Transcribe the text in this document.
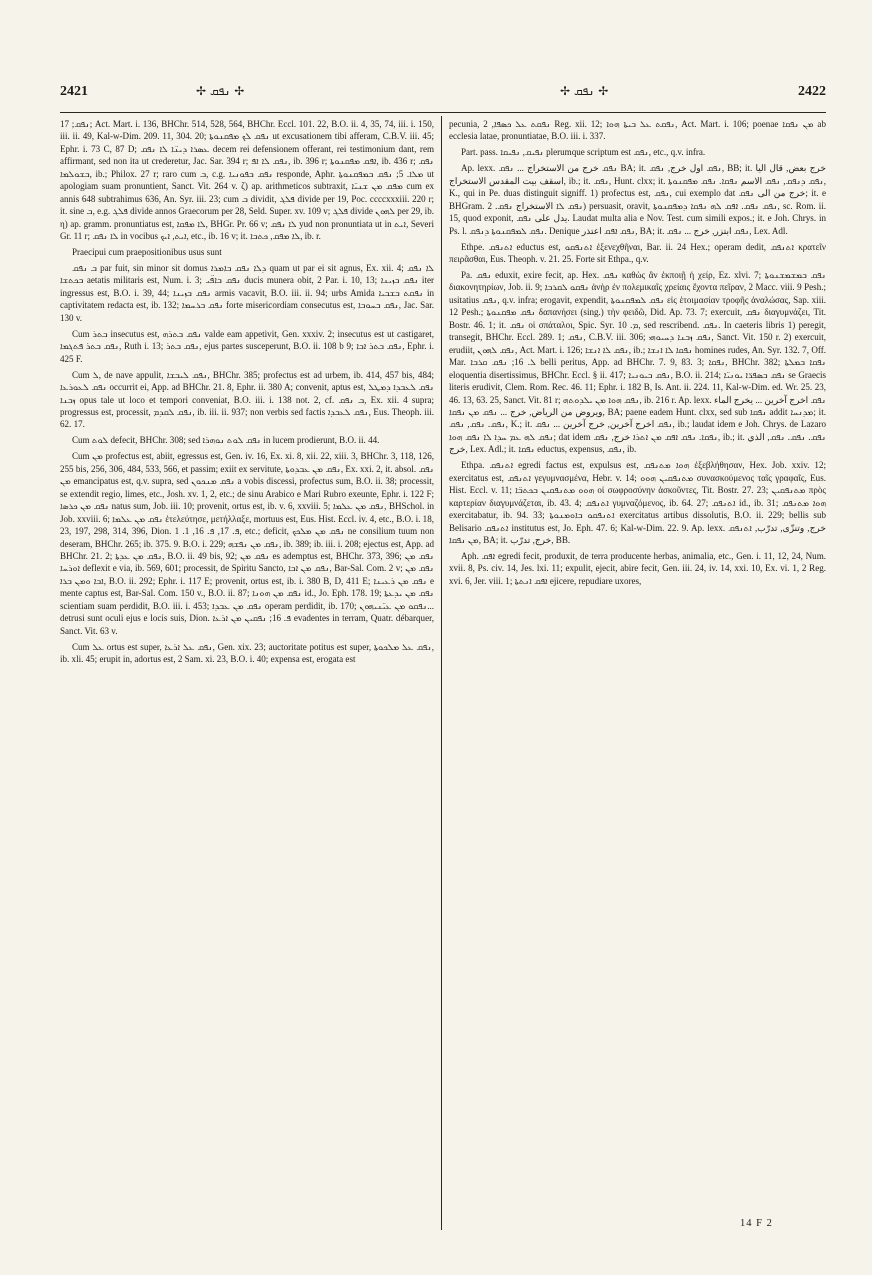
2421	✢ ܢܦܩ ✢	✢ ܢܦܩ ✢	2422

ܢܦܩ; 17; Act. Mart. i. 136, BHChr. 514, 528, 564, BHChr. Eccl. 101. 22, B.O. ii. 4, 35, 74, iii. i. 150, iii. ii. 49, Kal-w-Dim. 209. 11, 304. 20; ܢܦܩ ܠܟ ܡܦܩܢܘܬܐ ut excusationem tibi afferam, C.B.V. iii. 45; Ephr. i. 73 C, 87 D; ܥܣܪܐ ܕܝܢ̈ܐ ܠܐ ܢܦܩ decem rei defensionem offerant, rei testimonium dant, rem affirmant, sed non ita ut crederetur, Jac. Sar. 394 r; ܢܦܩ ܠܐ ܐܦ, ib. 396 r; ܐܦܩ ܡܦܩܢܘܬܐ, ib. 436 r; ܢܦܩ ܒܫܘܠܡܐ, ib.; Philox. 27 r; raro cum ܒ, c.g. ܢܦܩ ܒܦܘܢܝܐ responde, Aphr. ܡܠܐ. 5; ܢܦܩ ܒܡܦܩܢܘܬܐ ut apologiam suam pronuntient, Sanct. Vit. 264 v. ζ) ap. arithmeticos subtraxit, ܡܦܩ ܡܢ ܫܢܝ̈ܐ cum ex annis 648 subtrahimus 636, An. Syr. iii. 23; cum ܒ dividit, ܦܠܓ divide per 19, Poc. ccccxxxiii. 220 r; it. sine ܒ, e.g. ܦܠܓ divide annos Graecorum per 28, Seld. Super. xv. 109 v; ܦܠܓ divide ܠܗܘܢ per 29, ib. η) ap. gramm. pronuntiatus est, ܠܐ ܡܦܩܐ, BHGr. Pr. 66 v; ܠܐ ܢܦܩ yud non pronuntiata ut in ܐܝܬ, Severi Gr. 11 r; ܠܐ ܢܦܩ in vocibus ܐܝܬ, ܐܝܟ, etc., ib. 16 v; it. ܠܐ ܡܦܩ, ܟܬܒܐ, ib. r.

Praecipui cum praepositionibus usus sunt

ܒ ܢܦܩ par fuit, sin minor sit domus ܕܠܐ ܢܦܩ ܒܐܡܪܐ quam ut par ei sit agnus, Ex. xii. 4; ܠܐ ܢܦܩ ܒܟܬܫܐ aetatis militaris est, Num. i. 3; ܢܦܩ ܒܐܦ̈ܝ ducis munera obit, 2 Par. i. 10, 13; ܢܦܩ ܒܙܝܢܐ iter ingressus est, B.O. i. 39, 44; ܢܦܩ ܒܙܝܢܐ armis vacavit, B.O. iii. ii. 94; urbs Amida ܢܦܩܬ ܒܫܒܝܐ in captivitatem redacta est, ib. 132; ܢܦܩ ܒܪܚܡܐ forte misericordiam consecutus est, ܢܦܩ ܒܚܘܒܐ, Jac. Sar. 130 v.

Cum ܒܬܪ insecutus est, ܢܦܩ ܒܬܪܗ valde eam appetivit, Gen. xxxiv. 2; insecutus est ut castigaret, ܢܦܩ ܒܬܪ ܦܬܓܡܐ, Ruth i. 13; ܢܦܩ ܒܬܪ, ejus partes susceperunt, B.O. ii. 108 b 9; ܢܦܩ ܒܬܪ ܐܒܐ, Ephr. i. 425 F.

Cum ܠ, de nave appulit, ܢܦܩ ܠܝܒܫܐ, BHChr. 385; profectus est ad urbem, ib. 414, 457 bis, 484; ܢܦܩ ܠܥܘܪܥܐ occurrit ei, App. ad BHChr. 21. 8, Ephr. ii. 380 A; convenit, aptus est, ܢܦܩ ܠܥܒܕܐ ܕܡܛܠ ܙܒܢܐ opus tale ut loco et tempori conveniat, B.O. iii. i. 138 not. 2, cf. ܒ ܢܦܩ, Ex. xii. 4 supra; progressus est, processit, ܢܦܩ ܠܩܕܡ, ib. iii. ii. 937; non verbis sed factis ܢܦܩ ܠܥܒܕܐ, Eus. Theoph. iii. 62. 17.

Cum ܠܘܬ defecit, BHChr. 308; sed ܢܦܩ ܠܘܬ ܢܘܗܪܐ in lucem prodierunt, B.O. ii. 44.

Cum ܡܢ profectus est, abiit, egressus est, Gen. iv. 16, Ex. xi. 8, xii. 22, xiii. 3, BHChr. 3, 118, 126, 255 bis, 256, 306, 484, 533, 566, et passim; exiit ex servitute, ܢܦܩ ܡܢ ܥܒܕܘܬܐ, Ex. xxi. 2, it. absol. ܢܦܩ ܡܢ emancipatus est, q.v. supra, sed ܢܦܩ ܡܢܟܘܢ a vobis discessi, profectus sum, B.O. ii. 38; processit, se extendit regio, limes, etc., Josh. xv. 1, 2, etc.; de sinu Arabico e Mari Rubro exeunte, Ephr. i. 122 F; ܢܦܩ ܡܢ ܟܪܣܐ natus sum, Job. iii. 10; provenit, ortus est, ib. v. 6, xxviii. 5; ܢܦܩ ܡܢ ܥܠܡܐ, BHSchol. in Job. xxviii. 6; ܢܦܩ ܡܢ ܥܠܡܐ ἐτελεύτησε, μετήλλαξε, mortuus est, Eus. Hist. Eccl. iv. 4, etc., B.O. i. 18, 23, 197, 298, 314, 396, Dion. ܦ. 17, ܦ. 16, 1. 1, etc.; deficit, ܢܦܩ ܡܢ ܡܠܟܟ ne consilium tuum non deseram, BHChr. 265; ib. 375. 9. B.O. i. 229; ܢܦܩ ܡܢ ܢܦܫܗ, ib. 389; ib. iii. i. 208; ejectus est, App. ad BHChr. 21. 2; ܢܦܩ ܡܢ ܥܕܬܐ, B.O. ii. 49 bis, 92; ܢܦܩ ܡܢ es ademptus est, BHChr. 373, 396; ܢܦܩ ܡܢ ܐܘܪܚܐ deflexit e via, ib. 569, 601; processit, de Spiritu Sancto, ܢܦܩ ܡܢ ܐܒܐ, Bar-Sal. Com. 2 v; ܢܦܩ ܡܢ ܐܒܐ ܘܡܢ ܒܪܐ, B.O. ii. 292; Ephr. i. 117 E; provenit, ortus est, ib. i. 380 B, D, 411 E; ܢܦܩ ܡܢ ܪܥܝܢܐ e mente captus est, Bar-Sal. Com. 150 v., B.O. ii. 87; ܢܦܩ ܡܢ ܗܘܢܐ id., Jo. Eph. 178. 19; ܢܦܩ ܡܢ ܝܕܥܬܐ scientiam suam perdidit, B.O. iii. i. 453; ܢܦܩ ܡܢ ܥܒܕܐ operam perdidit, ib. 170; ܢܦܩܘ ܡܢ ܥܝ̈ܢܝܗܘܢ... detrusi sunt oculi ejus e locis suis, Dion. ܦ. 16; ܢܦܩܝܢ ܡܢ ܐܪܥܐ evadentes in terram, Quatr. débarquer, Sanct. Vit. 63 v.

Cum ܥܠ ortus est super, ܢܦܩ ܥܠ ܐܪܥܐ, Gen. xix. 23; auctoritate potitus est super, ܢܦܩ ܥܠ ܡܠܟܘܬܐ, ib. xli. 45; erupit in, adortus est, 2 Sam. xi. 23, B.O. i. 40; expensa est, erogata est

pecunia, ܢܦܩܬ ܥܠ ܟܣܦܐ, 2 Reg. xii. 12; ܢܦܩܬ ܥܠ ܒܝܬܐ ܗܘܐ, Act. Mart. i. 106; poenae ܡܢ ܢܦܩܐ ab ecclesia latae, pronuntiatae, B.O. iii. i. 337.

Part. pass. ܢܦܝܩ, ܢܦܝܩܐ plerumque scriptum est ܢܦܩ, etc., q.v. infra.

Ap. lexx. ܢܦܩ خرج من الاستخراج ... ܢܦܩ BA; it. ܢܦܩ اول خرج, ܢܦܩ, BB; it. خرج بعض, قال اليا اسقف بيت المقدس الاستخراج, ib.; it. ܢܦܩ, Hunt. clxx; it. ܢܦܩ ܕܢܦܩ, ܢܦܩ الاسم ܢܦܩܐ. ܢܦܩ ܡܦܩܢܘܬܐ, K., qui in Pe. duas distinguit signiff. 1) profectus est, ܢܦܩ, cui exemplo dat خرج من الى ܢܦܩ; it. e BHGram. ܢܦܩ ܠܐ الاستخراج ܢܦܩ. 2) persuasit, oravit, ܢܦܩ ܢܦܩ. ܐܦܩ ܠܗ ܢܦܩܐ ܕܡܦܩܢܘܬܐ, sc. Rom. ii. 15, quod exponit, يدل على ܢܦܩ. Laudat multa alia e Nov. Test. cum simili expos.; it. e Joh. Chrys. in Ps. l. ܢܦܩ ܠܡܦܩܢܘܬܐ ܕܢܦܩ. Denique ܢܦܩ ܐܦܩ اعتذر, BA; it. ܢܦܩ ابتزر, خرج ... ܢܦܩ, Lex. Adl.

Ethpe. ܐܬܢܦܩ eductus est, ܐܬܢܦܩܘ ἐξενεχθῆναι, Bar. ii. 24 Hex.; operam dedit, ܐܬܢܦܩ κρατεῖν πειρᾶσθαι, Eus. Theoph. v. 21. 25. Forte sit Ethpa., q.v.

Pa. ܢܦܩ eduxit, exire fecit, ap. Hex. ܢܦܩ καθὼς ἂν ἐκποιῇ ἡ χείρ, Ez. xlvi. 7; ܢܦܩ ܒܡܫܡܫܢܘܬܐ διακονητηρίων, Job. ii. 9; ܢܦܩܘ ܠܩܪܒܐ ἀνὴρ ἐν πολεμικαῖς χρείαις ἔχοντα πεῖραν, 2 Macc. viii. 9 Pesh.; usitatius ܢܦܩ, q.v. infra; erogavit, expendit, ܢܦܩ ܠܡܦܩܢܘܬܐ εἰς ἑτοιμασίαν τροφῆς ἀναλώσας, Sap. xiii. 12 Pesh.; ܢܦܩ ܡܦܩܢܘܬܐ δαπανήσει (sing.) τὴν φειδῶ, Did. Ap. 73. 7; exercuit, ܢܦܩ διαγυμνάζει, Tit. Bostr. 46. 1; it. ܢܦܩ οἱ σπάταλοι, Spic. Syr. ܡ. 10, sed rescribend. ܢܦܩ. In caeteris libris 1) peregit, transegit, BHChr. Eccl. 289. 1; ܢܦܩ, C.B.V. iii. 306; ܢܦܩ ܙܒܢܐ ܕܚܝܘܗܝ, Sanct. Vit. 150 r. 2) exercuit, erudiit, ܢܦܩ ܠܗܘܢ, Act. Mart. i. 126; ܢܦܩ ܠܐ ܐܢܫܐ, ib.; ܢܦܩܐ ܠܐ ܐܢܫܐ homines rudes, An. Syr. 132. 7, Off. Mar. ܠ. 16; ܢܦܩ ܩܪܒܐ belli peritus, App. ad BHChr. 7. 9, 83. 3; ܢܦܩܐ, BHChr. 382; ܢܦܩܐ ܒܡܠܬܐ eloquentia disertissimus, BHChr. Eccl. § ii. 417; ܢܦܩ ܒܝܘܢܝܐ, B.O. ii. 214; ܢܦܩ ܒܣܦܪ̈ܐ ܝܘܢܝ̈ܐ se Graecis literis erudivit, Clem. Rom. Rec. 46. 11; Ephr. i. 182 B, Is. Ant. ii. 224. 11, Kal-w-Dim. ed. Wr. 25. 23, 46. 13, 63. 25, Sanct. Vit. 81 r; ܢܦܩ ܗܘܐ ܡܢ ܝܠܕܘܬܗ, ib. 216 r. Ap. lexx. ܢܦܩ اخرج آخرين ... يخرج الماء ويروض من الرياض, خرج ... ܢܦܩ ܡܢ ܢܦܩܐ, BA; paene eadem Hunt. clxx, sed sub ܢܦܩܐ addit ܡܕܢܚܐ; it. ܢܦܩ. ܢܦܩ, ܢܦܩ, K.; it. ܢܦܩ اخرج آخرين, خرج آخرين ... ܢܦܩ, ib.; laudat idem e Joh. Chrys. de Lazaro ܢܦܩ ܠܗ ܥܡ ܚܕܐ ܠܐ ܢܦܩ ܗܘܐ; dat idem ܢܦܩܐ. ܢܦܩ ܐܦܩ ܡܢ ܐܬܪܐ خرج, ܢܦܩ, ib.; it. ܢܦܩ. ܢܦܩ. ܢܦܩ, الذي خرج, Lex. Adl.; it. ܢܦܩܐ eductus, expensus, ܢܦܩ, ib.

Ethpa. ܐܬܢܦܩ egredi factus est, expulsus est, ܗܘܐ ܡܬܢܦܩ ἐξεβλήθησαν, Hex. Job. xxiv. 12; exercitatus est, ܐܬܢܦܩ γεγυμνασμένα, Hebr. v. 14; ܡܬܢܦܩܝܢ ܗܘܘ συνασκούμενος ταῖς γραφαῖς, Eus. Hist. Eccl. v. 11; ܗܘܘ ܡܬܢܦܩܝܢ ܒܟܬܒ̈ܐ οἱ σωφροσύνην ἀσκοῦντες, Tit. Bostr. 27. 23; ܡܬܢܦܩܝܢ πρὸς καρτερίαν διαγυμνάζεται, ib. 43. 4; ܐܬܢܦܩ γυμναζόμενος, ib. 64. 27; ܐܬܢܦܩ id., ib. 31; ܗܘܐ ܡܬܢܦܩ exercitabatur, ib. 94. 33; ܐܬܢܦܩܘ ܒܐܘܡܢܘܬܐ exercitatus artibus dissolutis, B.O. ii. 229; bellis sub Belisario ܐܬܢܦܩ institutus est, Jo. Eph. 47. 6; Kal-w-Dim. 22. 9. Ap. lexx. خرج, وتنزّى, تدرّب, ܐܬܢܦܩ ܡܢ ܢܦܩܐ, BA; it. خرج, تدرّب, BB.

Aph. ܐܦܩ egredi fecit, produxit, de terra producente herbas, animalia, etc., Gen. i. 11, 12, 24, Num. xvii. 8, Ps. civ. 14, Jes. lxi. 11; expulit, ejecit, abire fecit, Gen. iii. 24, iv. 14, xxi. 10, Ex. vi. 1, 2 Reg. xvi. 6, Jer. viii. 1; ܐܦܩ ܐܢܬܬܐ ejicere, repudiare uxores,

14 F 2
